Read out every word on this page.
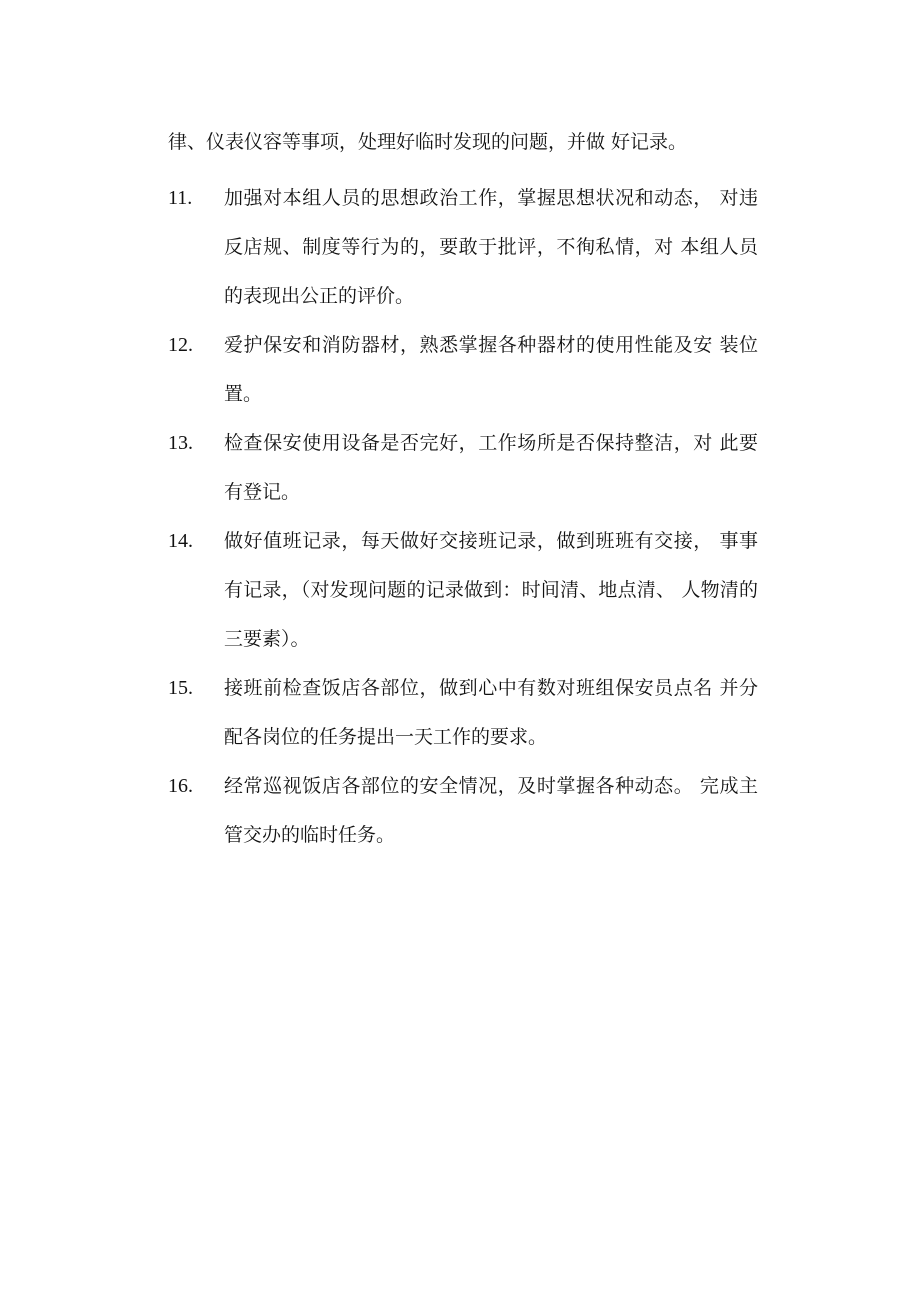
律、仪表仪容等事项，处理好临时发现的问题，并做 好记录。
11.	加强对本组人员的思想政治工作，掌握思想状况和动态， 对违反店规、制度等行为的，要敢于批评，不徇私情，对 本组人员的表现出公正的评价。
12.	爱护保安和消防器材，熟悉掌握各种器材的使用性能及安 装位置。
13.	检查保安使用设备是否完好，工作场所是否保持整洁，对 此要有登记。
14.	做好值班记录，每天做好交接班记录，做到班班有交接， 事事有记录，（对发现问题的记录做到：时间清、地点清、 人物清的三要素）。
15.	接班前检查饭店各部位，做到心中有数对班组保安员点名 并分配各岗位的任务提出一天工作的要求。
16.	经常巡视饭店各部位的安全情况，及时掌握各种动态。 完成主管交办的临时任务。
